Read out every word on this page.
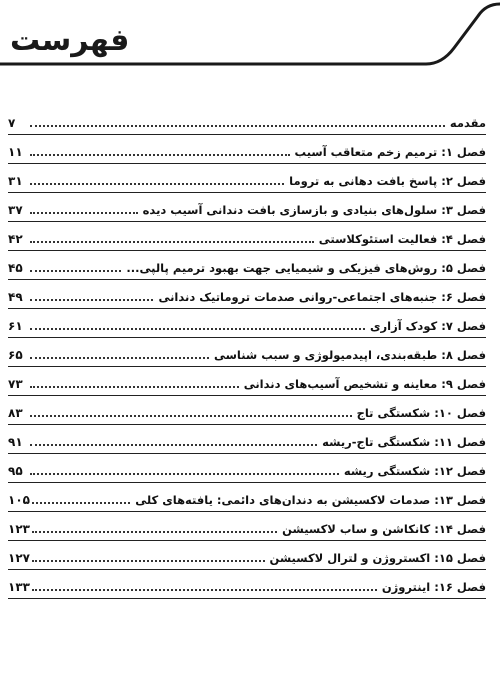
فهرست
مقدمه
۷
فصل ۱: ترمیم زخم متعاقب آسیب
۱۱
فصل ۲: پاسخ بافت دهانی به تروما
۳۱
فصل ۳: سلول‌های بنیادی و بازسازی بافت دندانی آسیب دیده
۳۷
فصل ۴: فعالیت استئوکلاستی
۴۲
فصل ۵: روش‌های فیزیکی و شیمیایی جهت بهبود ترمیم پالپی...
۴۵
فصل ۶: جنبه‌های اجتماعی-روانی صدمات تروماتیک دندانی
۴۹
فصل ۷: کودک آزاری
۶۱
فصل ۸: طبقه‌بندی، اپیدمیولوژی و سبب شناسی
۶۵
فصل ۹: معاینه و تشخیص آسیب‌های دندانی
۷۳
فصل ۱۰: شکستگی تاج
۸۳
فصل ۱۱: شکستگی تاج-ریشه
۹۱
فصل ۱۲: شکستگی ریشه
۹۵
فصل ۱۳: صدمات لاکسیشن به دندان‌های دائمی: یافته‌های کلی
۱۰۵
فصل ۱۴: کانکاشن و ساب لاکسیشن
۱۲۳
فصل ۱۵: اکستروژن و لترال لاکسیشن
۱۲۷
فصل ۱۶: اینتروژن
۱۳۳
